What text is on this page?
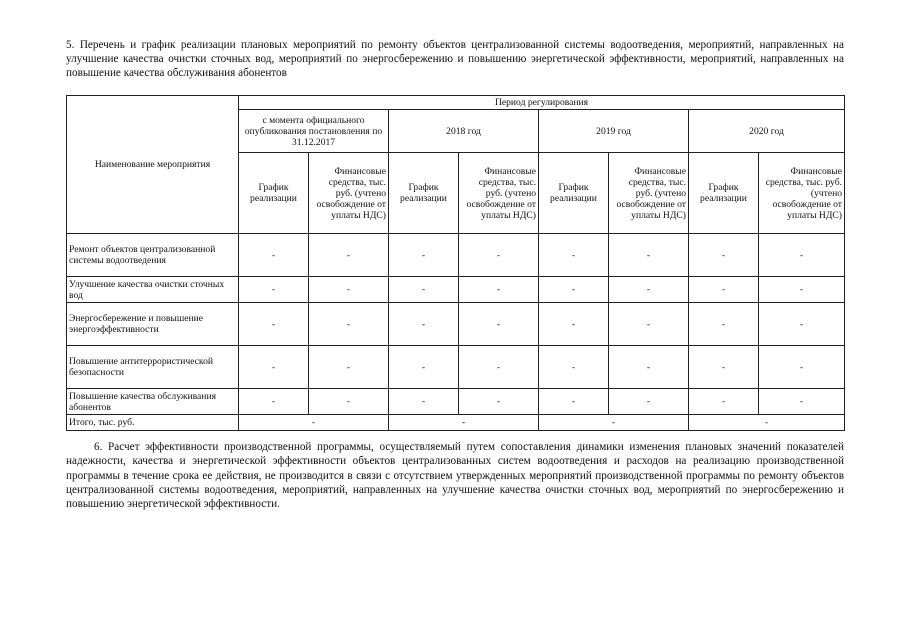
5. Перечень и график реализации плановых мероприятий по ремонту объектов централизованной системы водоотведения, мероприятий, направленных на улучшение качества очистки сточных вод, мероприятий по энергосбережению и повышению энергетической эффективности, мероприятий, направленных на повышение качества обслуживания абонентов
Наименование мероприятия	Период регулирования							
	с момента официального опубликования постановления по 31.12.2017		2018 год		2019 год		2020 год	
	График реализации	Финансовые средства, тыс. руб. (учтено освобождение от уплаты НДС)	График реализации	Финансовые средства, тыс. руб. (учтено освобождение от уплаты НДС)	График реализации	Финансовые средства, тыс. руб. (учтено освобождение от уплаты НДС)	График реализации	Финансовые средства, тыс. руб. (учтено освобождение от уплаты НДС)
Ремонт объектов централизованной системы водоотведения	-	-	-	-	-	-	-	-
Улучшение качества очистки сточных вод	-	-	-	-	-	-	-	-
Энергосбережение и повышение энергоэффективности	-	-	-	-	-	-	-	-
Повышение антитеррористической безопасности	-	-	-	-	-	-	-	-
Повышение качества обслуживания абонентов	-	-	-	-	-	-	-	-
Итого, тыс. руб.	-		-		-		-	
6. Расчет эффективности производственной программы, осуществляемый путем сопоставления динамики изменения плановых значений показателей надежности, качества и энергетической эффективности объектов централизованных систем водоотведения и расходов на реализацию производственной программы в течение срока ее действия, не производится в связи с отсутствием утвержденных мероприятий производственной программы по ремонту объектов централизованной системы водоотведения, мероприятий, направленных на улучшение качества очистки сточных вод, мероприятий по энергосбережению и повышению энергетической эффективности.
